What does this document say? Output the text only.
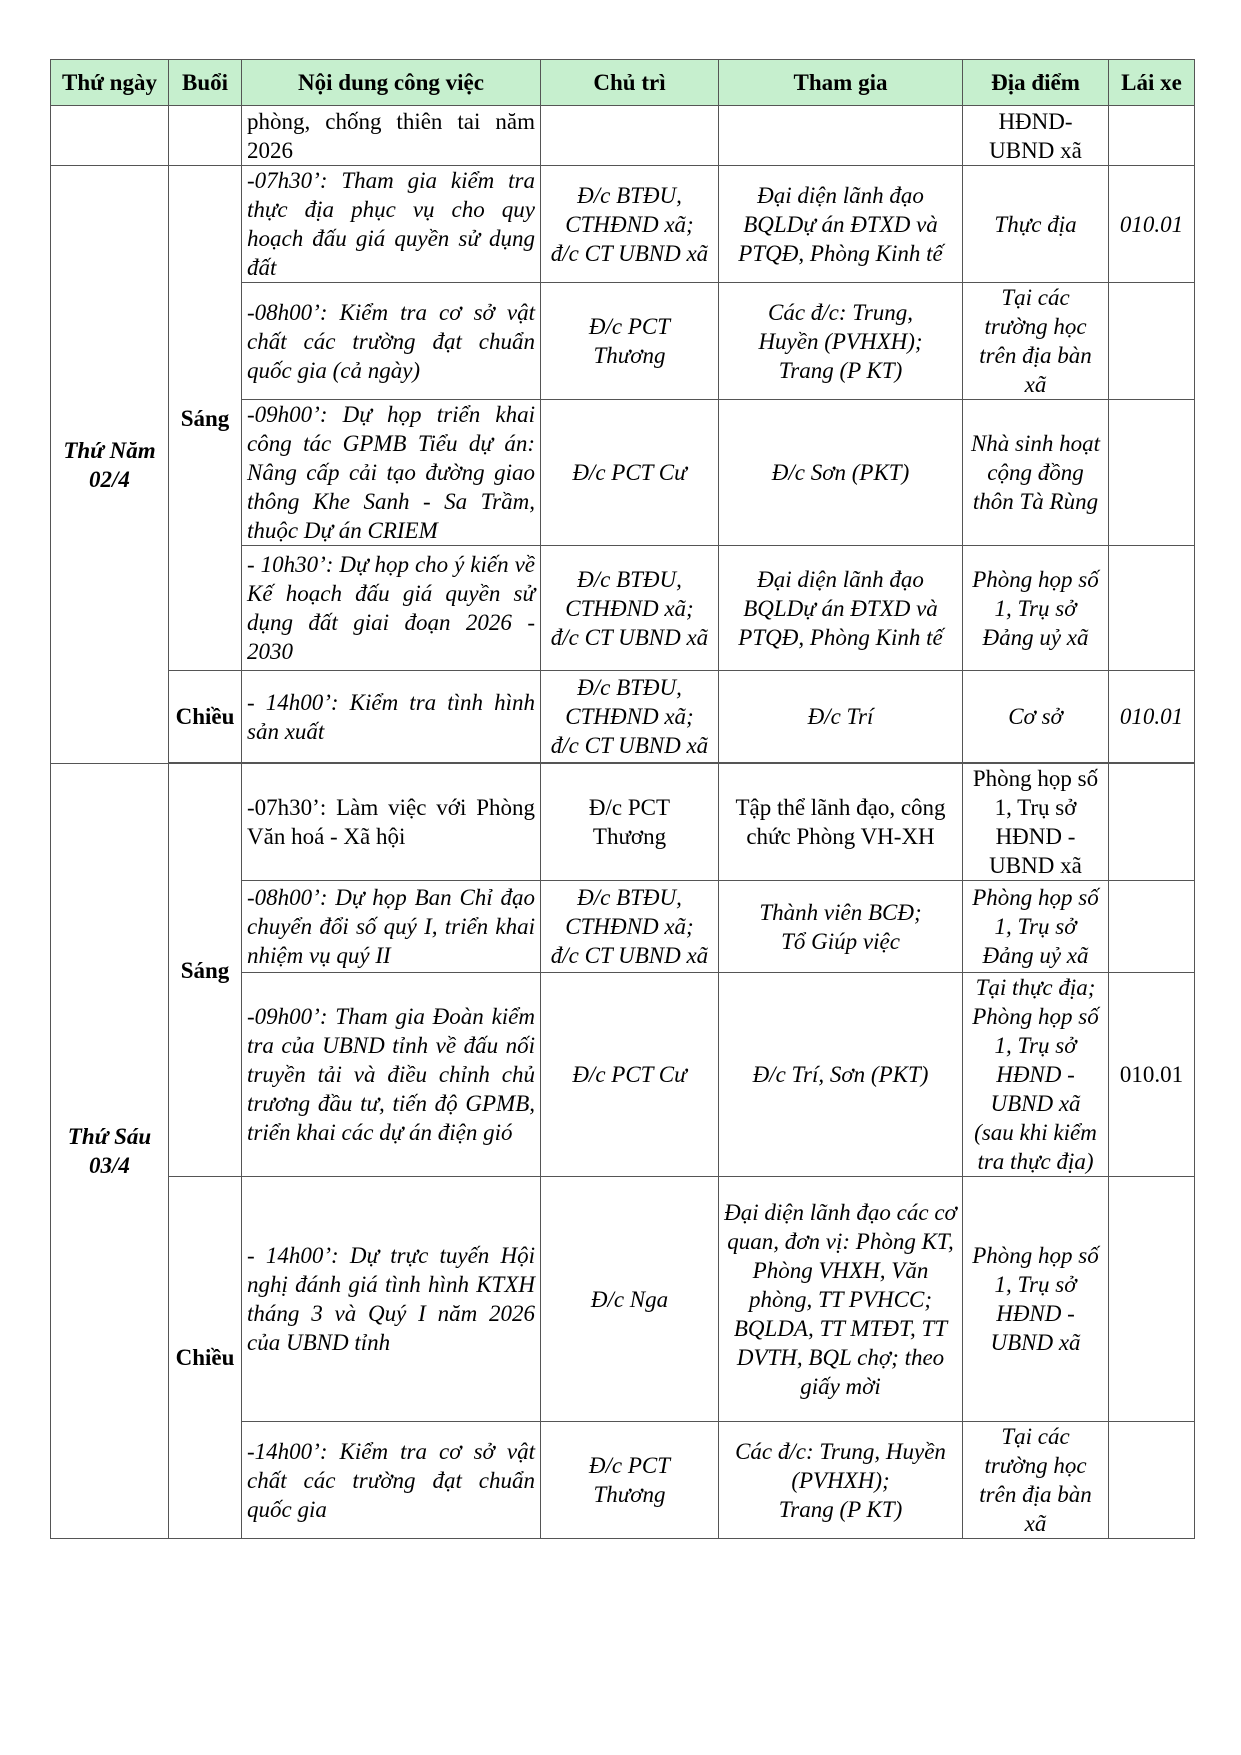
Thứ ngày	Buổi	Nội dung công việc	Chủ trì	Tham gia	Địa điểm	Lái xe
		phòng, chống thiên tai năm 2026			HĐND-UBND xã	

Thứ Năm
02/4	Sáng	-07h30’: Tham gia kiểm tra thực địa phục vụ cho quy hoạch đấu giá quyền sử dụng đất	Đ/c BTĐU,
CTHĐND xã;
đ/c CT UBND xã	Đại diện lãnh đạo BQLDự án ĐTXD và PTQĐ, Phòng Kinh tế	Thực địa	010.01
		-08h00’: Kiểm tra cơ sở vật chất các trường đạt chuẩn quốc gia (cả ngày)	Đ/c PCT
Thương	Các đ/c: Trung,
Huyền (PVHXH);
Trang (P KT)	Tại các trường học trên địa bàn xã	
		-09h00’: Dự họp triển khai công tác GPMB Tiểu dự án: Nâng cấp cải tạo đường giao thông Khe Sanh - Sa Trầm, thuộc Dự án CRIEM	Đ/c PCT Cư	Đ/c Sơn (PKT)	Nhà sinh hoạt cộng đồng thôn Tà Rùng	
		- 10h30’: Dự họp cho ý kiến về Kế hoạch đấu giá quyền sử dụng đất giai đoạn 2026 - 2030	Đ/c BTĐU,
CTHĐND xã;
đ/c CT UBND xã	Đại diện lãnh đạo BQLDự án ĐTXD và PTQĐ, Phòng Kinh tế	Phòng họp số 1, Trụ sở Đảng uỷ xã	
	Chiều	- 14h00’: Kiểm tra tình hình sản xuất	Đ/c BTĐU,
CTHĐND xã;
đ/c CT UBND xã	Đ/c Trí	Cơ sở	010.01

Thứ Sáu
03/4	Sáng	-07h30’: Làm việc với Phòng Văn hoá - Xã hội	Đ/c PCT
Thương	Tập thể lãnh đạo, công chức Phòng VH-XH	Phòng họp số 1, Trụ sở HĐND - UBND xã	
		-08h00’: Dự họp Ban Chỉ đạo chuyển đổi số quý I, triển khai nhiệm vụ quý II	Đ/c BTĐU,
CTHĐND xã;
đ/c CT UBND xã	Thành viên BCĐ;
Tổ Giúp việc	Phòng họp số 1, Trụ sở Đảng uỷ xã	
		-09h00’: Tham gia Đoàn kiểm tra của UBND tỉnh về đấu nối truyền tải và điều chỉnh chủ trương đầu tư, tiến độ GPMB, triển khai các dự án điện gió	Đ/c PCT Cư	Đ/c Trí, Sơn (PKT)	Tại thực địa; Phòng họp số 1, Trụ sở HĐND - UBND xã (sau khi kiểm tra thực địa)	010.01
	Chiều	- 14h00’: Dự trực tuyến Hội nghị đánh giá tình hình KTXH tháng 3 và Quý I năm 2026 của UBND tỉnh	Đ/c Nga	Đại diện lãnh đạo các cơ quan, đơn vị: Phòng KT, Phòng VHXH, Văn phòng, TT PVHCC; BQLDA, TT MTĐT, TT DVTH, BQL chợ; theo giấy mời	Phòng họp số 1, Trụ sở HĐND - UBND xã	
		-14h00’: Kiểm tra cơ sở vật chất các trường đạt chuẩn quốc gia	Đ/c PCT
Thương	Các đ/c: Trung, Huyền
(PVHXH);
Trang (P KT)	Tại các trường học trên địa bàn xã	
